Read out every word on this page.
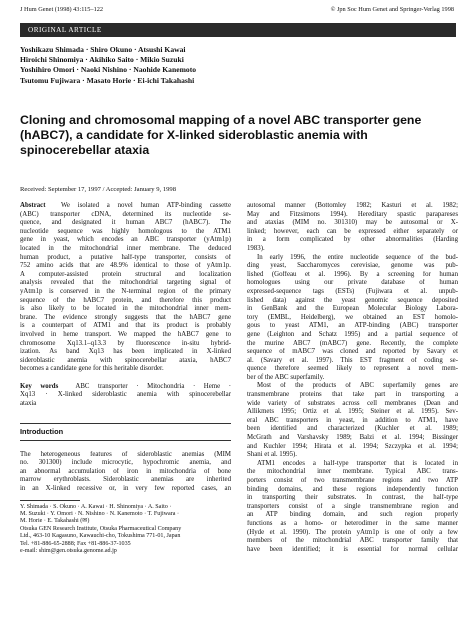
J Hum Genet (1998) 43:115–122	© Jpn Soc Hum Genet and Springer-Verlag 1998
ORIGINAL ARTICLE
Yoshikazu Shimada · Shiro Okuno · Atsushi Kawai
Hiroichi Shinomiya · Akihiko Saito · Mikio Suzuki
Yoshihiro Omori · Naoki Nishino · Naohide Kanemoto
Tsutomu Fujiwara · Masato Horie · Ei-ichi Takahashi
Cloning and chromosomal mapping of a novel ABC transporter gene
(hABC7), a candidate for X-linked sideroblastic anemia with
spinocerebellar ataxia
Received: September 17, 1997 / Accepted: January 9, 1998
Abstract We isolated a novel human ATP-binding cassette
(ABC) transporter cDNA, determined its nucleotide se-
quence, and designated it human ABC7 (hABC7). The
nucleotide sequence was highly homologous to the ATM1
gene in yeast, which encodes an ABC transporter (yAtm1p)
located in the mitochondrial inner membrane. The deduced
human product, a putative half-type transporter, consists of
752 amino acids that are 48.9% identical to those of yAtm1p.
A computer-assisted protein structural and localization
analysis revealed that the mitochondrial targeting signal of
yAtm1p is conserved in the N-terminal region of the primary
sequence of the hABC7 protein, and therefore this product
is also likely to be located in the mitochondrial inner mem-
brane. The evidence strongly suggests that the hABC7 gene
is a counterpart of ATM1 and that its product is probably
involved in heme transport. We mapped the hABC7 gene to
chromosome Xq13.1–q13.3 by fluorescence in-situ hybrid-
ization. As band Xq13 has been implicated in X-linked
sideroblastic anemia with spinocerebellar ataxia, hABC7
becomes a candidate gene for this heritable disorder.
Key words	ABC transporter · Mitochondria · Heme ·
Xq13 · X-linked sideroblastic anemia with spinocerebellar
ataxia
Introduction
The heterogeneous features of sideroblastic anemias (MIM
no. 301300) include microcytic, hypochromic anemia, and
an abnormal accumulation of iron in mitochondria of bone
marrow erythroblasts. Sideroblastic anemias are inherited
in an X-linked recessive or, in very few reported cases, an
Y. Shimada · S. Okuno · A. Kawai · H. Shinomiya · A. Saito ·
M. Suzuki · Y. Omori · N. Nishino · N. Kanemoto · T. Fujiwara ·
M. Horie · E. Takahashi (✉)
Otsuka GEN Research Institute, Otsuka Pharmaceutical Company
Ltd., 463-10 Kagasuno, Kawauchi-cho, Tokushima 771-01, Japan
Tel. +81-886-65-2888; Fax +81-886-37-1035
e-mail: shim@gen.otsuka.genome.ad.jp
autosomal manner (Bottomley 1982; Kasturi et al. 1982;
May and Fitzsimons 1994). Hereditary spastic parapareses
and ataxias (MIM no. 301310) may be autosomal or X-
linked; however, each can be expressed either separately or
in a form complicated by other abnormalities (Harding
1983).
In early 1996, the entire nucleotide sequence of the bud-
ding yeast, Saccharomyces cerevisiae, genome was pub-
lished (Goffeau et al. 1996). By a screening for human
homologues using our private database of human
expressed-sequence tags (ESTs) (Fujiwara et al. unpub-
lished data) against the yeast genomic sequence deposited
in GenBank and the European Molecular Biology Labora-
tory (EMBL, Heidelberg), we obtained an EST homolo-
gous to yeast ATM1, an ATP-binding (ABC) transporter
gene (Leighton and Schatz 1995) and a partial sequence of
the murine ABC7 (mABC7) gene. Recently, the complete
sequence of mABC7 was cloned and reported by Savary et
al. (Savary et al. 1997). This EST fragment of coding se-
quence therefore seemed likely to represent a novel mem-
ber of the ABC superfamily.
Most of the products of ABC superfamily genes are
transmembrane proteins that take part in transporting a
wide variety of substrates across cell membranes (Dean and
Allikmets 1995; Ortiz et al. 1995; Steiner et al. 1995). Sev-
eral ABC transporters in yeast, in addition to ATM1, have
been identified and characterized (Kuchler et al. 1989;
McGrath and Varshavsky 1989; Balzi et al. 1994; Bissinger
and Kuchler 1994; Hirata et al. 1994; Szczypka et al. 1994;
Shani et al. 1995).
ATM1 encodes a half-type transporter that is located in
the mitochondrial inner membrane. Typical ABC trans-
porters consist of two transmembrane regions and two ATP
binding domains, and these regions independently function
in transporting their substrates. In contrast, the half-type
transporters consist of a single transmembrane region and
an ATP binding domain, and such region properly
functions as a homo- or heterodimer in the same manner
(Hyde et al. 1990). The protein yAtm1p is one of only a few
members of the mitochondrial ABC transporter family that
have been identified; it is essential for normal cellular
